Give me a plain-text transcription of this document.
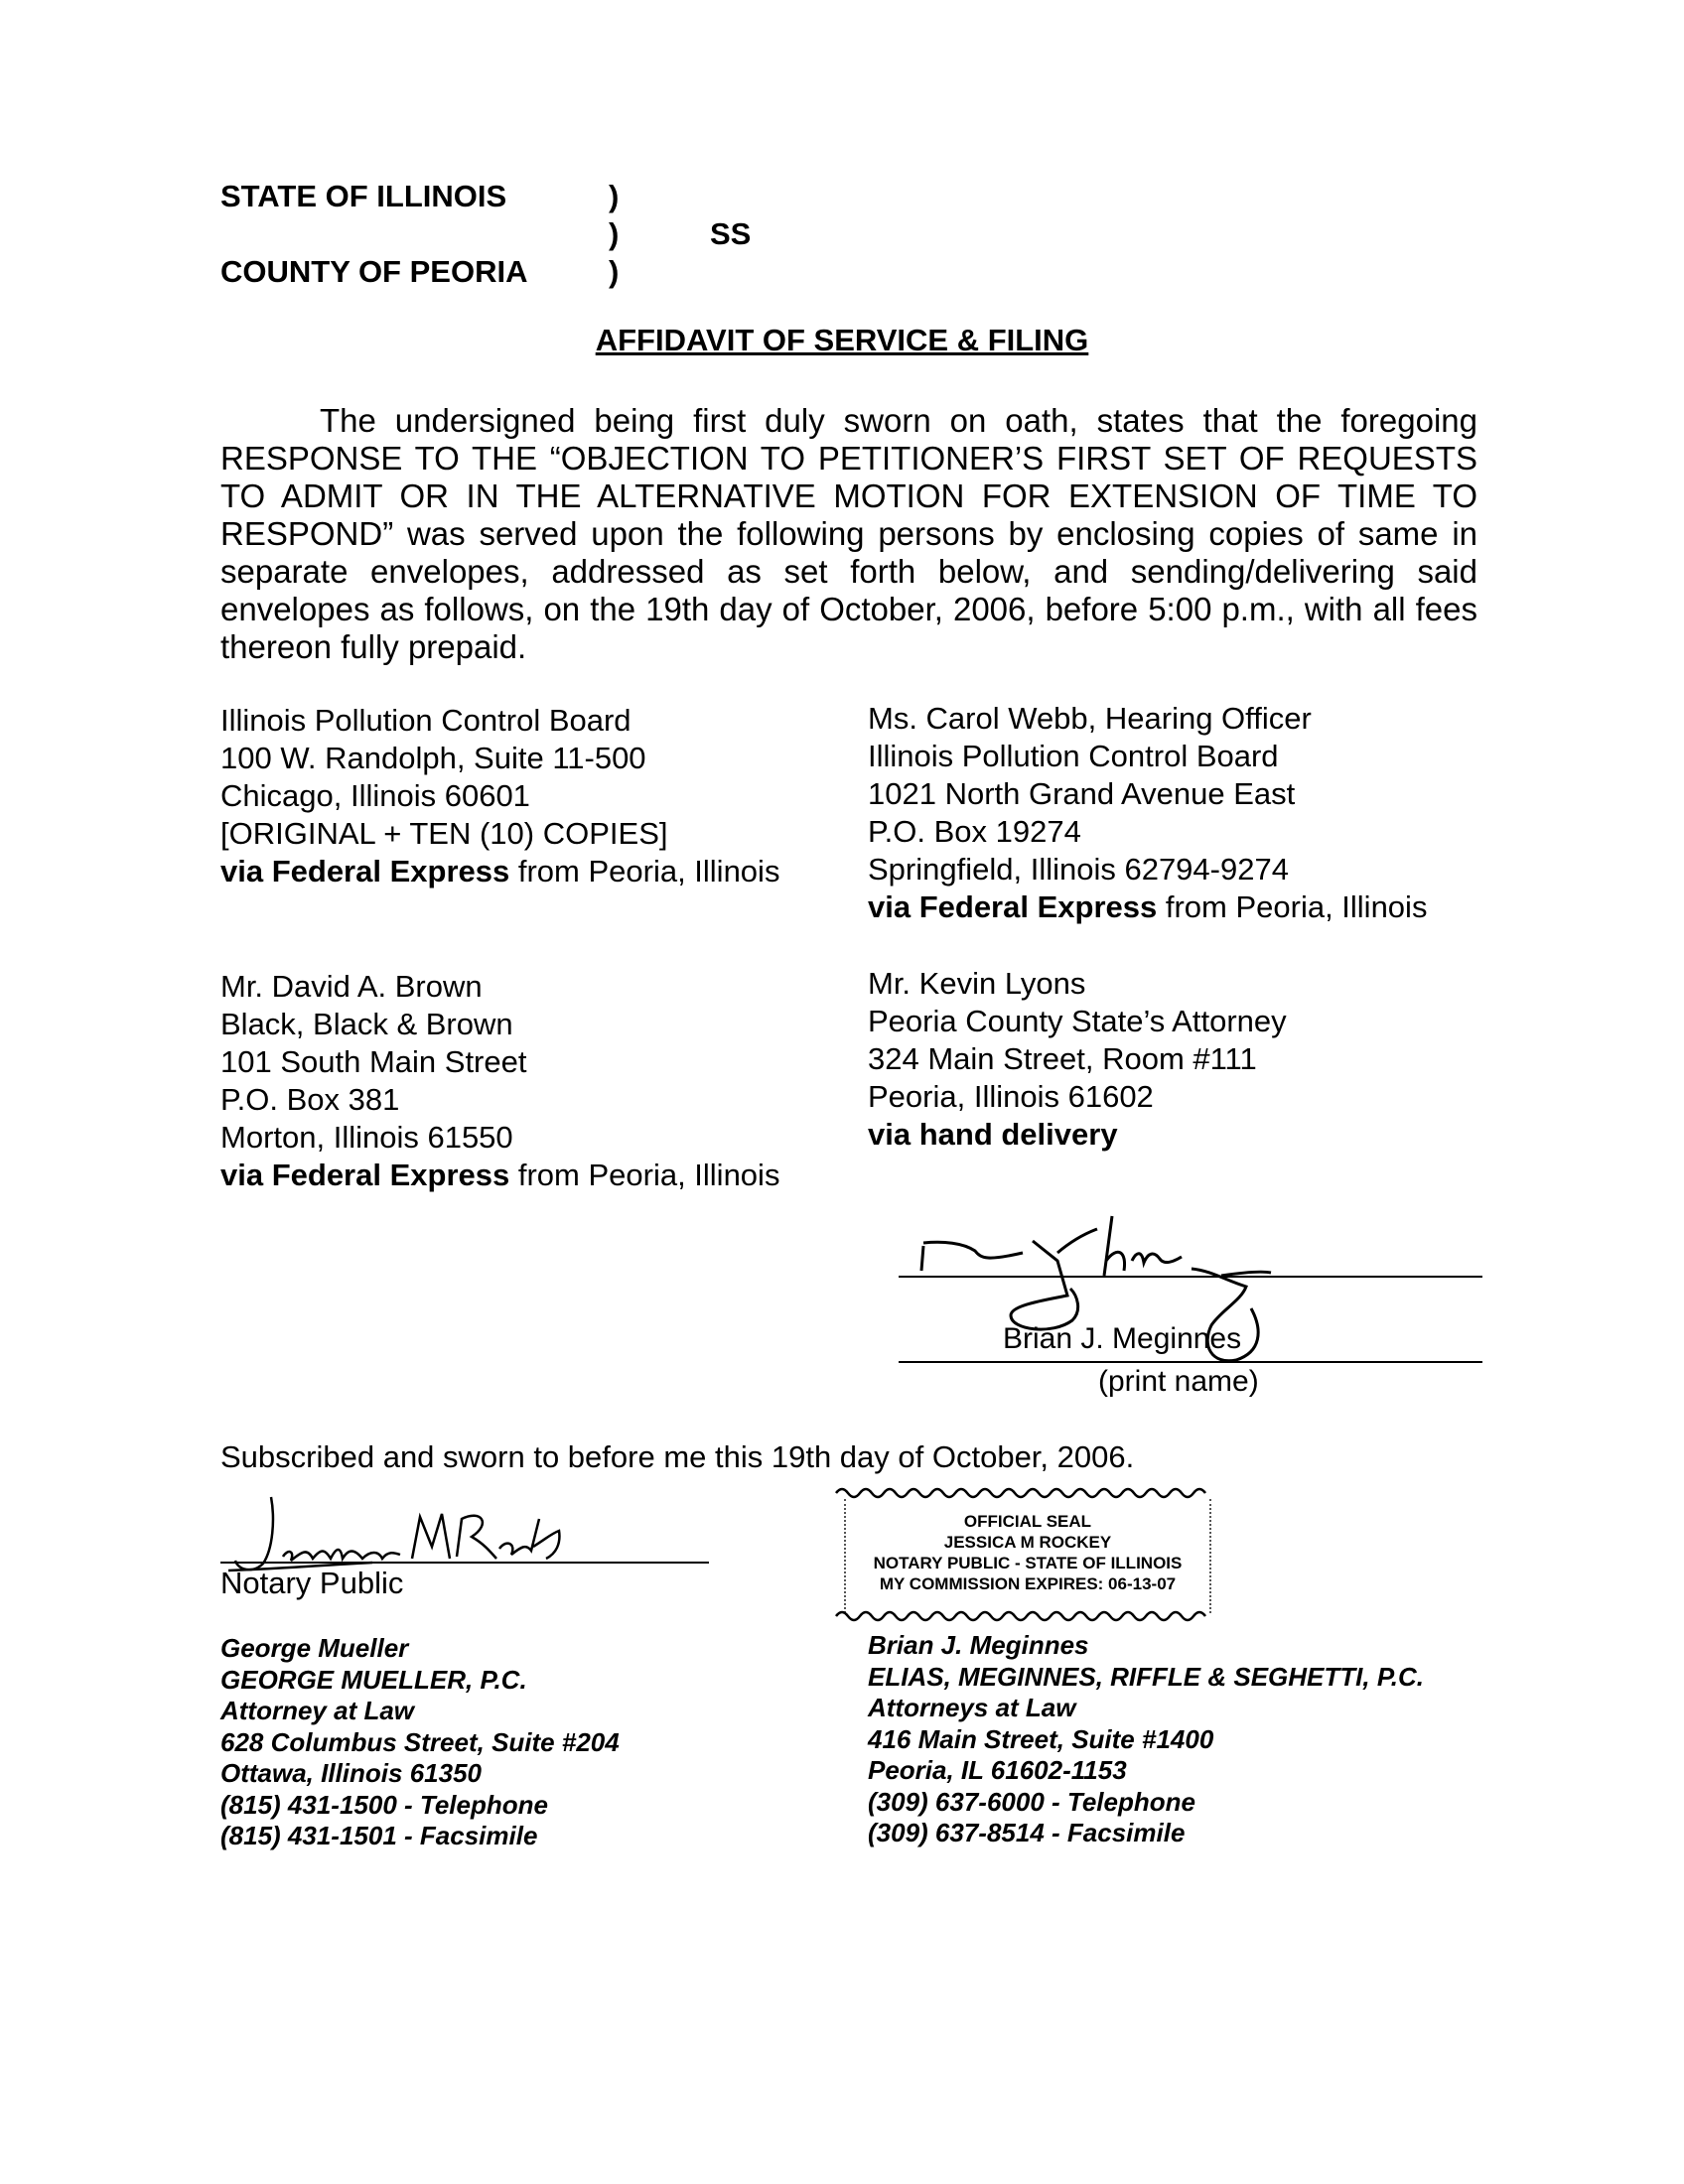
STATE OF ILLINOIS
COUNTY OF PEORIA
)
)
)
SS
AFFIDAVIT OF SERVICE & FILING
The undersigned being first duly sworn on oath, states that the foregoing RESPONSE TO THE “OBJECTION TO PETITIONER’S FIRST SET OF REQUESTS TO ADMIT OR IN THE ALTERNATIVE MOTION FOR EXTENSION OF TIME TO RESPOND” was served upon the following persons by enclosing copies of same in separate envelopes, addressed as set forth below, and sending/delivering said envelopes as follows, on the 19th day of October, 2006, before 5:00 p.m., with all fees thereon fully prepaid.
Illinois Pollution Control Board
100 W. Randolph, Suite 11-500
Chicago, Illinois 60601
[ORIGINAL + TEN (10) COPIES]
via Federal Express from Peoria, Illinois
Ms. Carol Webb, Hearing Officer
Illinois Pollution Control Board
1021 North Grand Avenue East
P.O. Box 19274
Springfield, Illinois 62794-9274
via Federal Express from Peoria, Illinois
Mr. David A. Brown
Black, Black & Brown
101 South Main Street
P.O. Box 381
Morton, Illinois 61550
via Federal Express from Peoria, Illinois
Mr. Kevin Lyons
Peoria County State’s Attorney
324 Main Street, Room #111
Peoria, Illinois 61602
via hand delivery
Brian J. Meginnes
(print name)
Subscribed and sworn to before me this 19th day of October, 2006.
Notary Public
OFFICIAL SEAL
JESSICA M ROCKEY
NOTARY PUBLIC - STATE OF ILLINOIS
MY COMMISSION EXPIRES: 06-13-07
George Mueller
GEORGE MUELLER, P.C.
Attorney at Law
628 Columbus Street, Suite #204
Ottawa, Illinois 61350
(815) 431-1500 - Telephone
(815) 431-1501 - Facsimile
Brian J. Meginnes
ELIAS, MEGINNES, RIFFLE & SEGHETTI, P.C.
Attorneys at Law
416 Main Street, Suite #1400
Peoria, IL 61602-1153
(309) 637-6000 - Telephone
(309) 637-8514 - Facsimile
